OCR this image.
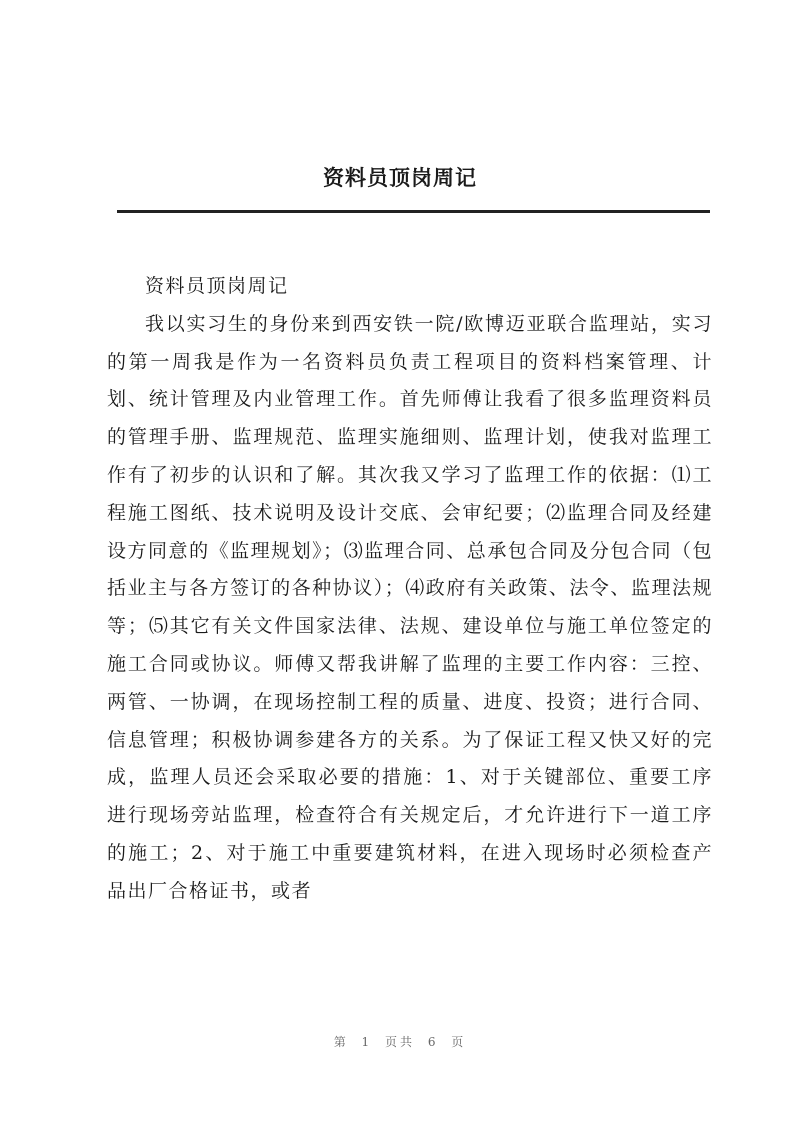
资料员顶岗周记

资料员顶岗周记

我以实习生的身份来到西安铁一院/欧博迈亚联合监理站，实习的第一周我是作为一名资料员负责工程项目的资料档案管理、计划、统计管理及内业管理工作。首先师傅让我看了很多监理资料员的管理手册、监理规范、监理实施细则、监理计划，使我对监理工作有了初步的认识和了解。其次我又学习了监理工作的依据：⑴工程施工图纸、技术说明及设计交底、会审纪要；⑵监理合同及经建设方同意的《监理规划》；⑶监理合同、总承包合同及分包合同（包括业主与各方签订的各种协议）；⑷政府有关政策、法令、监理法规等；⑸其它有关文件国家法律、法规、建设单位与施工单位签定的施工合同或协议。师傅又帮我讲解了监理的主要工作内容：三控、两管、一协调，在现场控制工程的质量、进度、投资；进行合同、信息管理；积极协调参建各方的关系。为了保证工程又快又好的完成，监理人员还会采取必要的措施：1、对于关键部位、重要工序进行现场旁站监理，检查符合有关规定后，才允许进行下一道工序的施工；2、对于施工中重要建筑材料，在进入现场时必须检查产品出厂合格证书，或者

第 1 页共 6 页
